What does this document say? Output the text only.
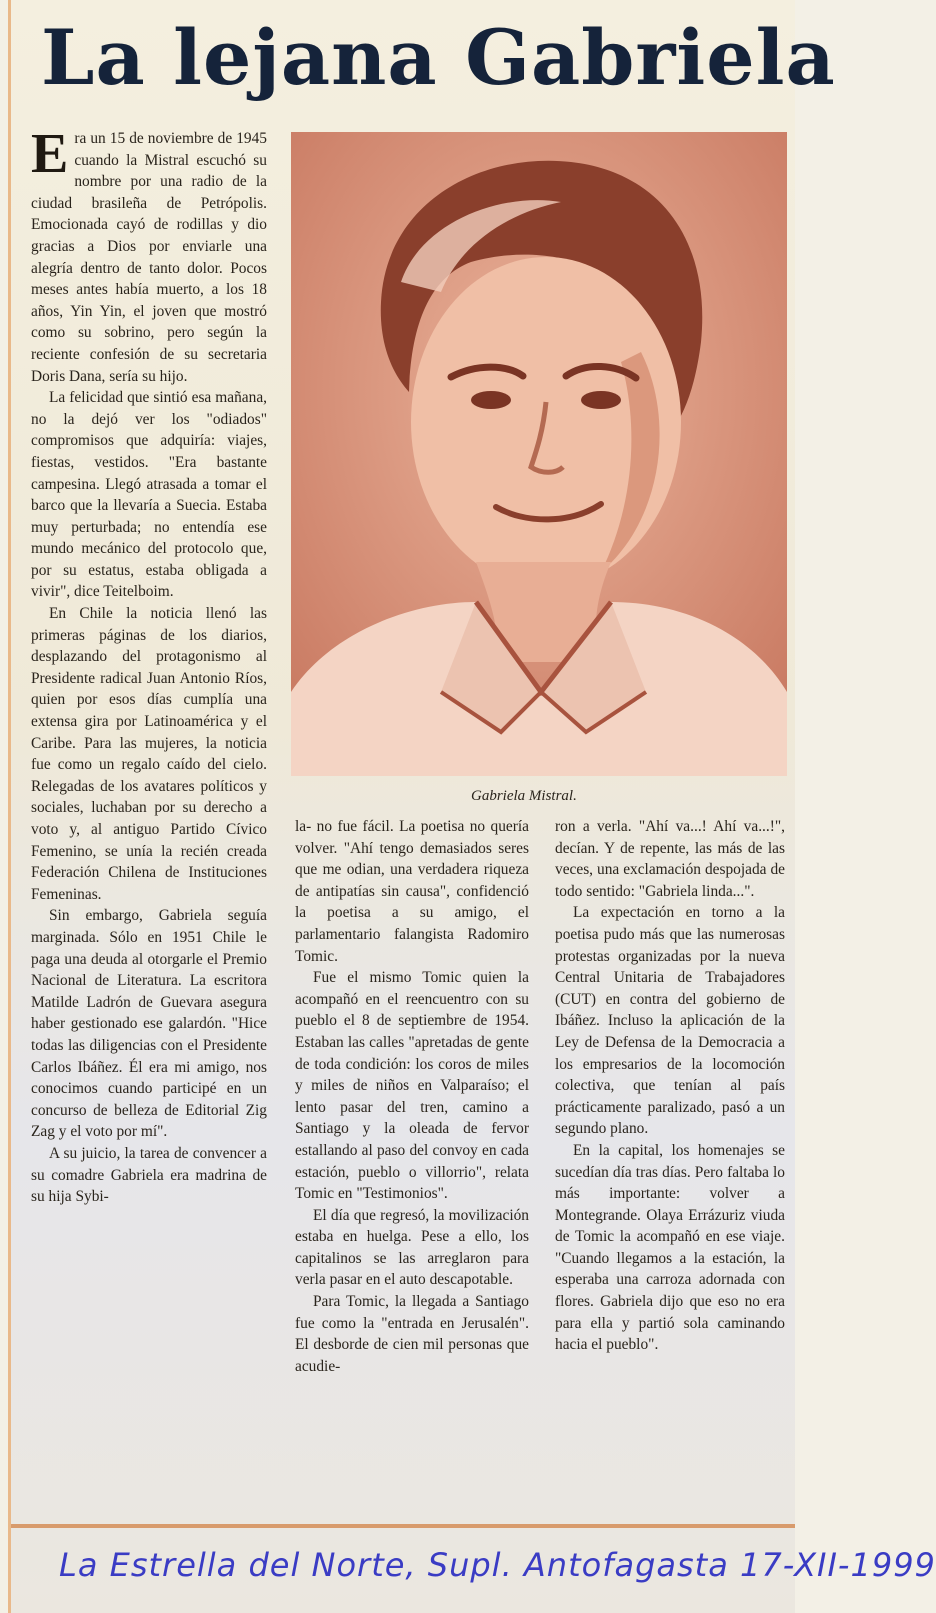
La lejana Gabriela

Era un 15 de noviembre de 1945 cuando la Mistral escuchó su nombre por una radio de la ciudad brasileña de Petrópolis. Emocionada cayó de rodillas y dio gracias a Dios por enviarle una alegría dentro de tanto dolor. Pocos meses antes había muerto, a los 18 años, Yin Yin, el joven que mostró como su sobrino, pero según la reciente confesión de su secretaria Doris Dana, sería su hijo.

La felicidad que sintió esa mañana, no la dejó ver los "odiados" compromisos que adquiría: viajes, fiestas, vestidos. "Era bastante campesina. Llegó atrasada a tomar el barco que la llevaría a Suecia. Estaba muy perturbada; no entendía ese mundo mecánico del protocolo que, por su estatus, estaba obligada a vivir", dice Teitelboim.

En Chile la noticia llenó las primeras páginas de los diarios, desplazando del protagonismo al Presidente radical Juan Antonio Ríos, quien por esos días cumplía una extensa gira por Latinoamérica y el Caribe. Para las mujeres, la noticia fue como un regalo caído del cielo. Relegadas de los avatares políticos y sociales, luchaban por su derecho a voto y, al antiguo Partido Cívico Femenino, se unía la recién creada Federación Chilena de Instituciones Femeninas.

Sin embargo, Gabriela seguía marginada. Sólo en 1951 Chile le paga una deuda al otorgarle el Premio Nacional de Literatura. La escritora Matilde Ladrón de Guevara asegura haber gestionado ese galardón. "Hice todas las diligencias con el Presidente Carlos Ibáñez. Él era mi amigo, nos conocimos cuando participé en un concurso de belleza de Editorial Zig Zag y el voto por mí".

A su juicio, la tarea de convencer a su comadre Gabriela era madrina de su hija Sybi-

Gabriela Mistral.

la- no fue fácil. La poetisa no quería volver. "Ahí tengo demasiados seres que me odian, una verdadera riqueza de antipatías sin causa", confidenció la poetisa a su amigo, el parlamentario falangista Radomiro Tomic.

Fue el mismo Tomic quien la acompañó en el reencuentro con su pueblo el 8 de septiembre de 1954. Estaban las calles "apretadas de gente de toda condición: los coros de miles y miles de niños en Valparaíso; el lento pasar del tren, camino a Santiago y la oleada de fervor estallando al paso del convoy en cada estación, pueblo o villorrio", relata Tomic en "Testimonios".

El día que regresó, la movilización estaba en huelga. Pese a ello, los capitalinos se las arreglaron para verla pasar en el auto descapotable.

Para Tomic, la llegada a Santiago fue como la "entrada en Jerusalén". El desborde de cien mil personas que acudie-

ron a verla. "Ahí va...! Ahí va...!", decían. Y de repente, las más de las veces, una exclamación despojada de todo sentido: "Gabriela linda...".

La expectación en torno a la poetisa pudo más que las numerosas protestas organizadas por la nueva Central Unitaria de Trabajadores (CUT) en contra del gobierno de Ibáñez. Incluso la aplicación de la Ley de Defensa de la Democracia a los empresarios de la locomoción colectiva, que tenían al país prácticamente paralizado, pasó a un segundo plano.

En la capital, los homenajes se sucedían día tras días. Pero faltaba lo más importante: volver a Montegrande. Olaya Errázuriz viuda de Tomic la acompañó en ese viaje. "Cuando llegamos a la estación, la esperaba una carroza adornada con flores. Gabriela dijo que eso no era para ella y partió sola caminando hacia el pueblo".

La Estrella del Norte, Supl. Antofagasta 17-XII-1999
